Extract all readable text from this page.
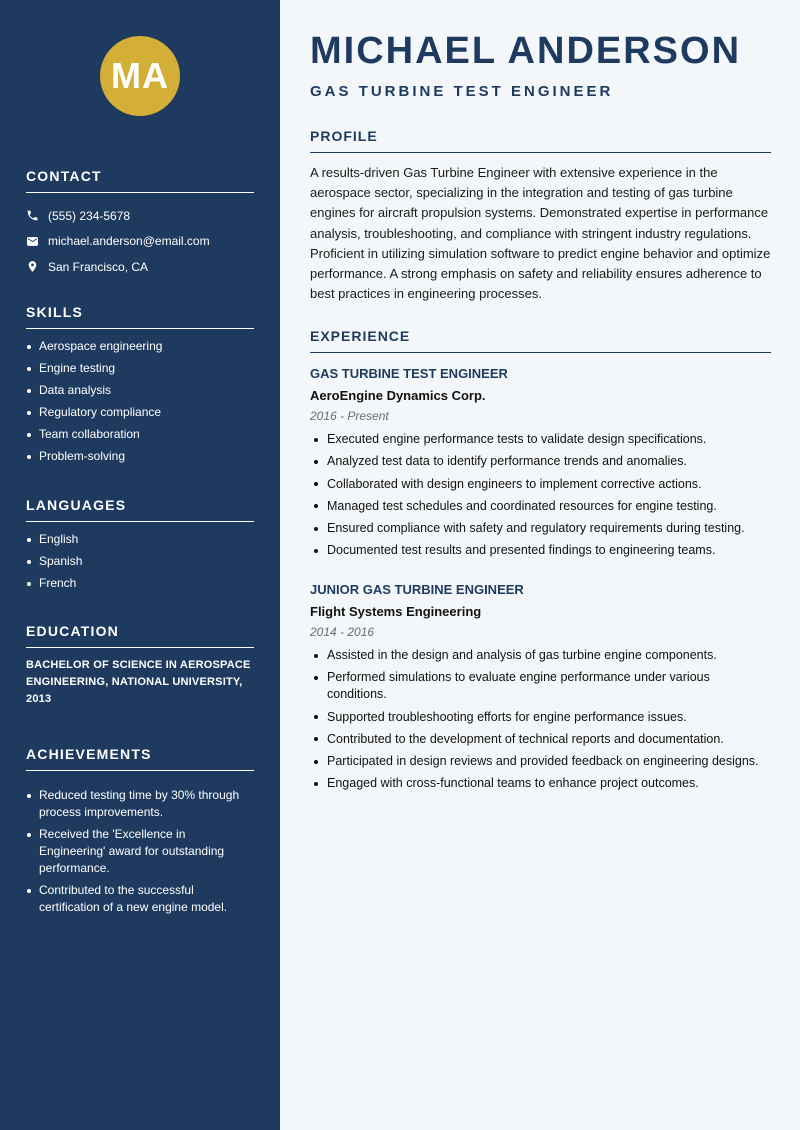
MA
CONTACT
(555) 234-5678
michael.anderson@email.com
San Francisco, CA
SKILLS
Aerospace engineering
Engine testing
Data analysis
Regulatory compliance
Team collaboration
Problem-solving
LANGUAGES
English
Spanish
French
EDUCATION
BACHELOR OF SCIENCE IN AEROSPACE ENGINEERING, NATIONAL UNIVERSITY, 2013
ACHIEVEMENTS
Reduced testing time by 30% through process improvements.
Received the 'Excellence in Engineering' award for outstanding performance.
Contributed to the successful certification of a new engine model.
MICHAEL ANDERSON
GAS TURBINE TEST ENGINEER
PROFILE

A results-driven Gas Turbine Engineer with extensive experience in the aerospace sector, specializing in the integration and testing of gas turbine engines for aircraft propulsion systems. Demonstrated expertise in performance analysis, troubleshooting, and compliance with stringent industry regulations. Proficient in utilizing simulation software to predict engine behavior and optimize performance. A strong emphasis on safety and reliability ensures adherence to best practices in engineering processes.

EXPERIENCE

GAS TURBINE TEST ENGINEER

AeroEngine Dynamics Corp.

2016 - Present

Executed engine performance tests to validate design specifications.
Analyzed test data to identify performance trends and anomalies.
Collaborated with design engineers to implement corrective actions.
Managed test schedules and coordinated resources for engine testing.
Ensured compliance with safety and regulatory requirements during testing.
Documented test results and presented findings to engineering teams.

JUNIOR GAS TURBINE ENGINEER

Flight Systems Engineering

2014 - 2016

Assisted in the design and analysis of gas turbine engine components.
Performed simulations to evaluate engine performance under various conditions.
Supported troubleshooting efforts for engine performance issues.
Contributed to the development of technical reports and documentation.
Participated in design reviews and provided feedback on engineering designs.
Engaged with cross-functional teams to enhance project outcomes.
